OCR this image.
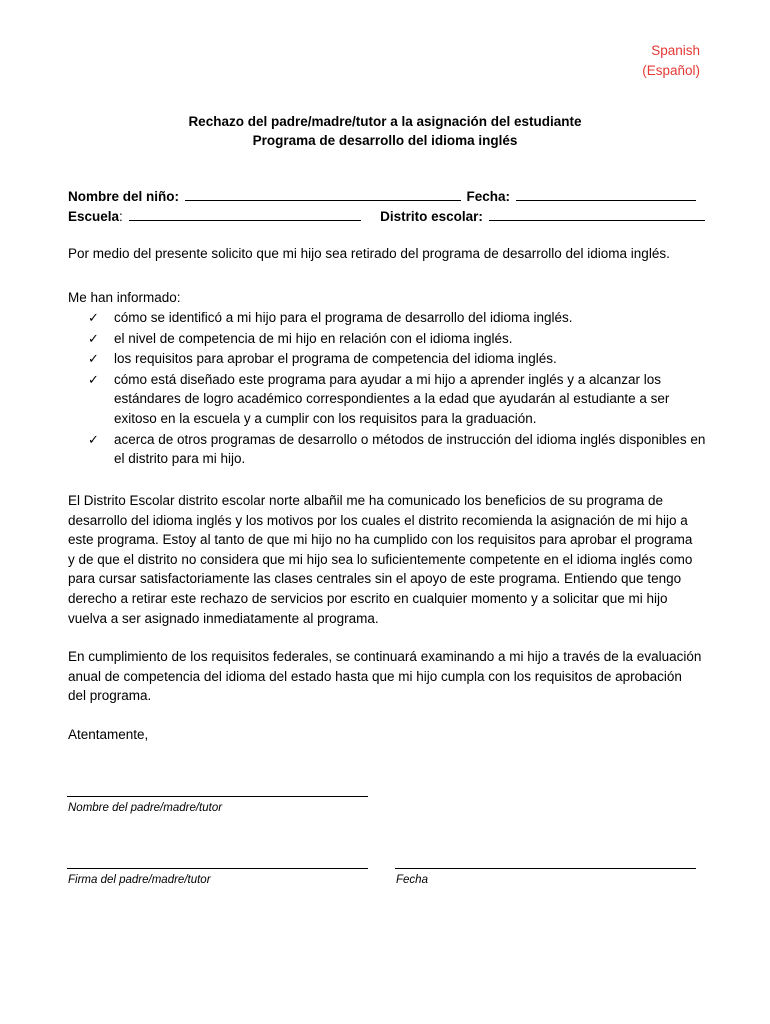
Spanish
(Español)
Rechazo del padre/madre/tutor a la asignación del estudiante
Programa de desarrollo del idioma inglés
Nombre del niño:	Fecha:
Escuela:	Distrito escolar:
Por medio del presente solicito que mi hijo sea retirado del programa de desarrollo del idioma inglés.
Me han informado:
✓ cómo se identificó a mi hijo para el programa de desarrollo del idioma inglés.
✓ el nivel de competencia de mi hijo en relación con el idioma inglés.
✓ los requisitos para aprobar el programa de competencia del idioma inglés.
✓ cómo está diseñado este programa para ayudar a mi hijo a aprender inglés y a alcanzar los estándares de logro académico correspondientes a la edad que ayudarán al estudiante a ser exitoso en la escuela y a cumplir con los requisitos para la graduación.
✓ acerca de otros programas de desarrollo o métodos de instrucción del idioma inglés disponibles en el distrito para mi hijo.
El Distrito Escolar distrito escolar norte albañil me ha comunicado los beneficios de su programa de desarrollo del idioma inglés y los motivos por los cuales el distrito recomienda la asignación de mi hijo a este programa. Estoy al tanto de que mi hijo no ha cumplido con los requisitos para aprobar el programa y de que el distrito no considera que mi hijo sea lo suficientemente competente en el idioma inglés como para cursar satisfactoriamente las clases centrales sin el apoyo de este programa. Entiendo que tengo derecho a retirar este rechazo de servicios por escrito en cualquier momento y a solicitar que mi hijo vuelva a ser asignado inmediatamente al programa.
En cumplimiento de los requisitos federales, se continuará examinando a mi hijo a través de la evaluación anual de competencia del idioma del estado hasta que mi hijo cumpla con los requisitos de aprobación del programa.
Atentamente,
Nombre del padre/madre/tutor
Firma del padre/madre/tutor	Fecha
